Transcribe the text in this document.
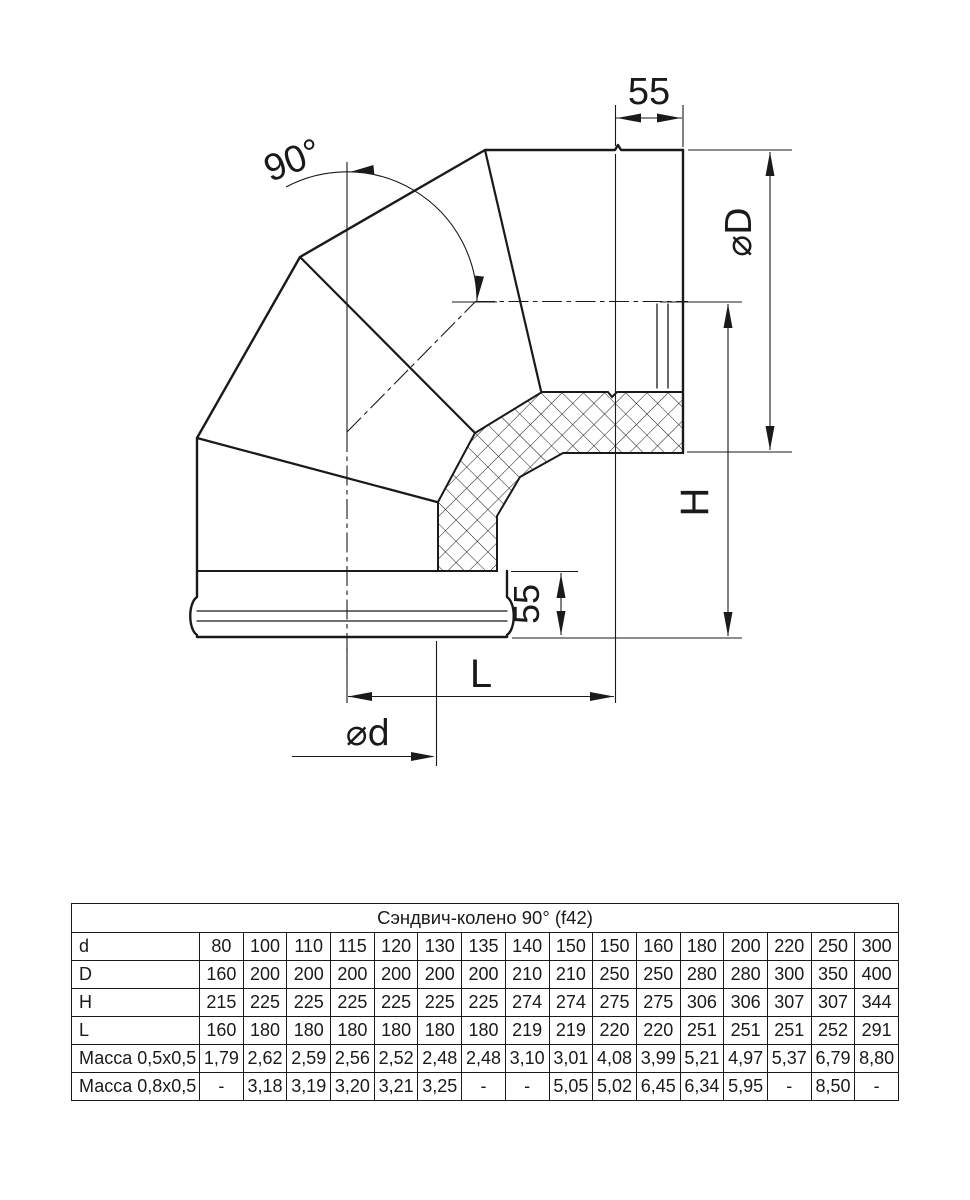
90°
55
⌀D
H
55
L
⌀d
Сэндвич-колено 90° (f42)																
d	80	100	110	115	120	130	135	140	150	150	160	180	200	220	250	300
D	160	200	200	200	200	200	200	210	210	250	250	280	280	300	350	400
H	215	225	225	225	225	225	225	274	274	275	275	306	306	307	307	344
L	160	180	180	180	180	180	180	219	219	220	220	251	251	251	252	291
Масса 0,5х0,5	1,79	2,62	2,59	2,56	2,52	2,48	2,48	3,10	3,01	4,08	3,99	5,21	4,97	5,37	6,79	8,80
Масса 0,8х0,5	-	3,18	3,19	3,20	3,21	3,25	-	-	5,05	5,02	6,45	6,34	5,95	-	8,50	-
